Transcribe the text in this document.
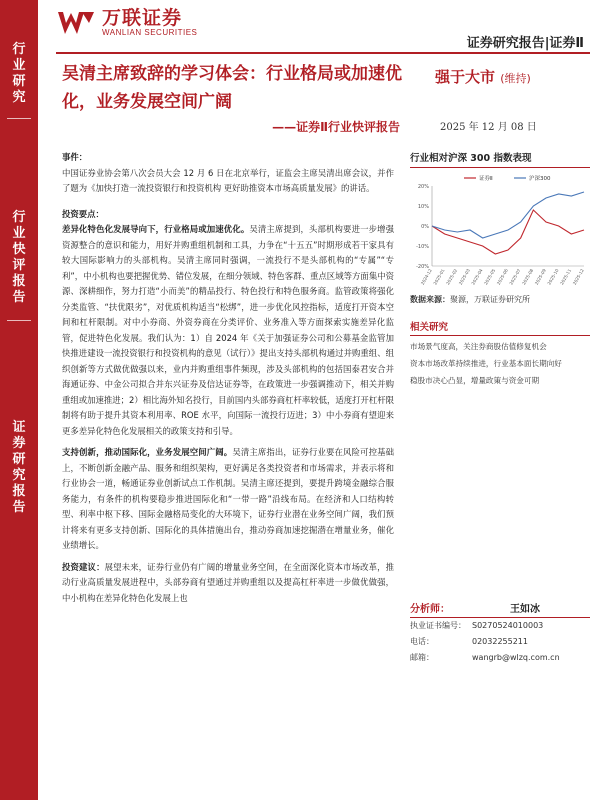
行
业
研
究
行
业
快
评
报
告
证
券
研
究
报
告
万联证券
WANLIAN SECURITIES
证券研究报告|证券Ⅱ
吴清主席致辞的学习体会：行业格局或加速优化，业务发展空间广阔
——证券Ⅱ行业快评报告
强于大市 (维持)
2025 年 12 月 08 日
事件：

中国证券业协会第八次会员大会 12 月 6 日在北京举行，证监会主席吴清出席会议，并作了题为《加快打造一流投资银行和投资机构 更好助推资本市场高质量发展》的讲话。

投资要点：

差异化特色化发展导向下，行业格局或加速优化。吴清主席提到，头部机构要进一步增强资源整合的意识和能力，用好并购重组机制和工具，力争在“十五五”时期形成若干家具有较大国际影响力的头部机构。吴清主席同时强调，一流投行不是头部机构的“专属”“专利”，中小机构也要把握优势、错位发展，在细分领域、特色客群、重点区域等方面集中资源、深耕细作，努力打造“小而美”的精品投行、特色投行和特色服务商。监管政策将强化分类监管、“扶优限劣”，对优质机构适当“松绑”，进一步优化风控指标，适度打开资本空间和杠杆限制。对中小券商、外资券商在分类评价、业务准入等方面探索实施差异化监管，促进特色化发展。我们认为：1）自 2024 年《关于加强证券公司和公募基金监管加快推进建设一流投资银行和投资机构的意见（试行）》提出支持头部机构通过并购重组、组织创新等方式做优做强以来，业内并购重组事件频现，涉及头部机构的包括国泰君安合并海通证券、中金公司拟合并东兴证券及信达证券等，在政策进一步强调推动下，相关并购重组或加速推进；2）相比海外知名投行，目前国内头部券商杠杆率较低，适度打开杠杆限制将有助于提升其资本利用率、ROE 水平，向国际一流投行迈进；3）中小券商有望迎来更多差异化特色化发展相关的政策支持和引导。

支持创新，推动国际化，业务发展空间广阔。吴清主席指出，证券行业要在风险可控基础上，不断创新金融产品、服务和组织架构，更好满足各类投资者和市场需求，并表示将和行业协会一道，畅通证券业创新试点工作机制。吴清主席还提到，要提升跨境金融综合服务能力，有条件的机构要稳步推进国际化和“一带一路”沿线布局。在经济和人口结构转型、利率中枢下移、国际金融格局变化的大环境下，证券行业潜在业务空间广阔，我们预计将来有更多支持创新、国际化的具体措施出台，推动券商加速挖掘潜在增量业务，催化业绩增长。

投资建议：展望未来，证券行业仍有广阔的增量业务空间，在全面深化资本市场改革，推动行业高质量发展进程中，头部券商有望通过并购重组以及提高杠杆率进一步做优做强，中小机构在差异化特色化发展上也

行业相对沪深 300 指数表现
-20%
-10%
0%
10%
20%
2024-12 2025-01 2025-02 2025-03 2025-04 2025-05 2025-06 2025-07 2025-08 2025-09 2025-10 2025-11 2025-12
证券Ⅱ	沪深300
数据来源：聚源，万联证券研究所
相关研究
市场景气度高，关注券商股估值修复机会
资本市场改革持续推进，行业基本面长期向好
稳股市决心凸显，增量政策与资金可期
分析师：	王如冰
执业证书编号： S0270524010003
电话：	02032255211
邮箱：	wangrb@wlzq.com.cn
